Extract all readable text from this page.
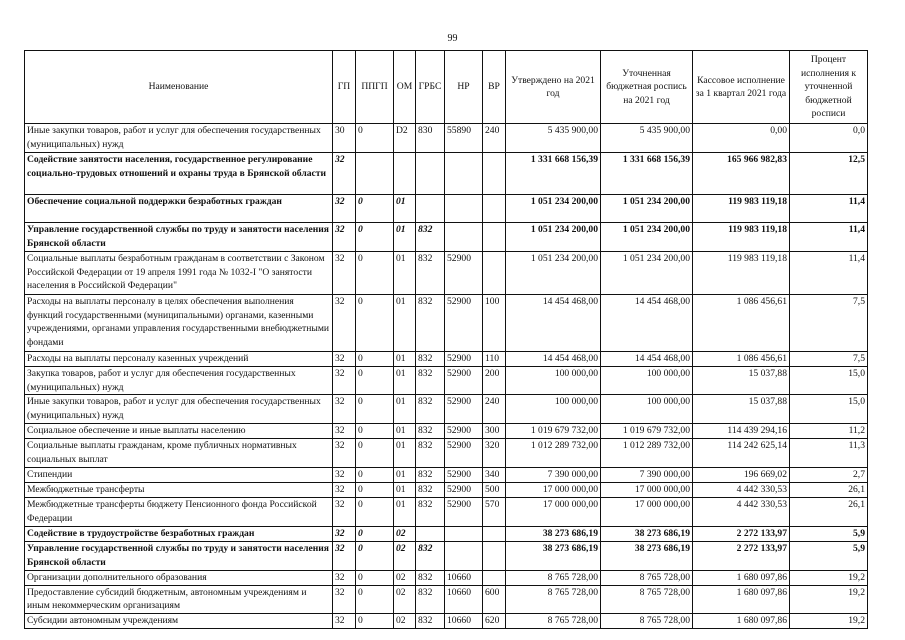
99
Наименование	ГП	ППГП	ОМ	ГРБС	НР	ВР	Утверждено на 2021 год	Уточненная бюджетная роспись на 2021 год	Кассовое исполнение за 1 квартал 2021 года	Процент исполнения к уточненной бюджетной росписи
Иные закупки товаров, работ и услуг для обеспечения государственных (муниципальных) нужд	30	0	D2	830	55890	240	5 435 900,00	5 435 900,00	0,00	0,0
Содействие занятости населения, государственное регулирование социально-трудовых отношений и охраны труда в Брянской области	32						1 331 668 156,39	1 331 668 156,39	165 966 982,83	12,5
Обеспечение социальной поддержки безработных граждан	32	0	01				1 051 234 200,00	1 051 234 200,00	119 983 119,18	11,4
Управление государственной службы по труду и занятости населения Брянской области	32	0	01	832			1 051 234 200,00	1 051 234 200,00	119 983 119,18	11,4
Социальные выплаты безработным гражданам в соответствии с Законом Российской Федерации от 19 апреля 1991 года № 1032-I "О занятости населения в Российской Федерации"	32	0	01	832	52900		1 051 234 200,00	1 051 234 200,00	119 983 119,18	11,4
Расходы на выплаты персоналу в целях обеспечения выполнения функций государственными (муниципальными) органами, казенными учреждениями, органами управления государственными внебюджетными фондами	32	0	01	832	52900	100	14 454 468,00	14 454 468,00	1 086 456,61	7,5
Расходы на выплаты персоналу казенных учреждений	32	0	01	832	52900	110	14 454 468,00	14 454 468,00	1 086 456,61	7,5
Закупка товаров, работ и услуг для обеспечения государственных (муниципальных) нужд	32	0	01	832	52900	200	100 000,00	100 000,00	15 037,88	15,0
Иные закупки товаров, работ и услуг для обеспечения государственных (муниципальных) нужд	32	0	01	832	52900	240	100 000,00	100 000,00	15 037,88	15,0
Социальное обеспечение и иные выплаты населению	32	0	01	832	52900	300	1 019 679 732,00	1 019 679 732,00	114 439 294,16	11,2
Социальные выплаты гражданам, кроме публичных нормативных социальных выплат	32	0	01	832	52900	320	1 012 289 732,00	1 012 289 732,00	114 242 625,14	11,3
Стипендии	32	0	01	832	52900	340	7 390 000,00	7 390 000,00	196 669,02	2,7
Межбюджетные трансферты	32	0	01	832	52900	500	17 000 000,00	17 000 000,00	4 442 330,53	26,1
Межбюджетные трансферты бюджету Пенсионного фонда Российской Федерации	32	0	01	832	52900	570	17 000 000,00	17 000 000,00	4 442 330,53	26,1
Содействие в трудоустройстве безработных граждан	32	0	02				38 273 686,19	38 273 686,19	2 272 133,97	5,9
Управление государственной службы по труду и занятости населения Брянской области	32	0	02	832			38 273 686,19	38 273 686,19	2 272 133,97	5,9
Организации дополнительного образования	32	0	02	832	10660		8 765 728,00	8 765 728,00	1 680 097,86	19,2
Предоставление субсидий бюджетным, автономным учреждениям и иным некоммерческим организациям	32	0	02	832	10660	600	8 765 728,00	8 765 728,00	1 680 097,86	19,2
Субсидии автономным учреждениям	32	0	02	832	10660	620	8 765 728,00	8 765 728,00	1 680 097,86	19,2
